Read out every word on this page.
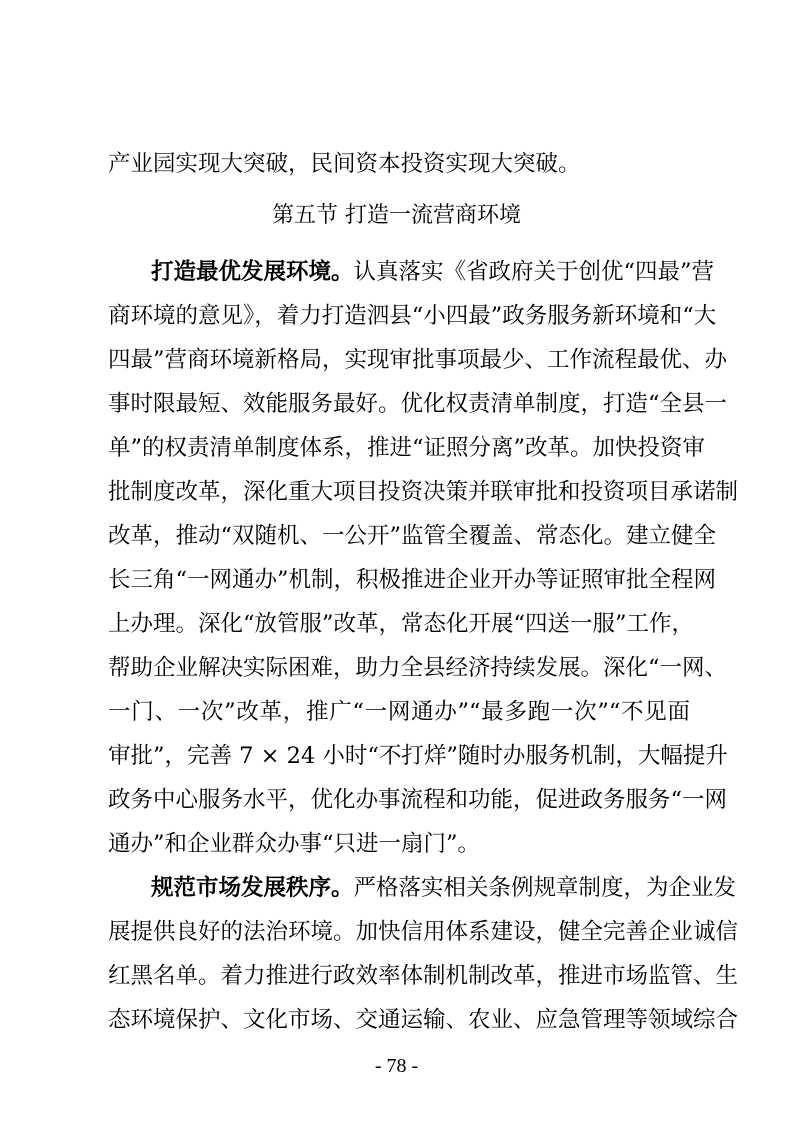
产业园实现大突破，民间资本投资实现大突破。
第五节 打造一流营商环境
打造最优发展环境。认真落实《省政府关于创优“四最”营
商环境的意见》，着力打造泗县“小四最”政务服务新环境和“大
四最”营商环境新格局，实现审批事项最少、工作流程最优、办
事时限最短、效能服务最好。优化权责清单制度，打造“全县一
单”的权责清单制度体系，推进“证照分离”改革。加快投资审
批制度改革，深化重大项目投资决策并联审批和投资项目承诺制
改革，推动“双随机、一公开”监管全覆盖、常态化。建立健全
长三角“一网通办”机制，积极推进企业开办等证照审批全程网
上办理。深化“放管服”改革，常态化开展“四送一服”工作，
帮助企业解决实际困难，助力全县经济持续发展。深化“一网、
一门、一次”改革，推广“一网通办”“最多跑一次”“不见面
审批”，完善 7 × 24 小时“不打烊”随时办服务机制，大幅提升
政务中心服务水平，优化办事流程和功能，促进政务服务“一网
通办”和企业群众办事“只进一扇门”。
规范市场发展秩序。严格落实相关条例规章制度，为企业发
展提供良好的法治环境。加快信用体系建设，健全完善企业诚信
红黑名单。着力推进行政效率体制机制改革，推进市场监管、生
态环境保护、文化市场、交通运输、农业、应急管理等领域综合
- 78 -
